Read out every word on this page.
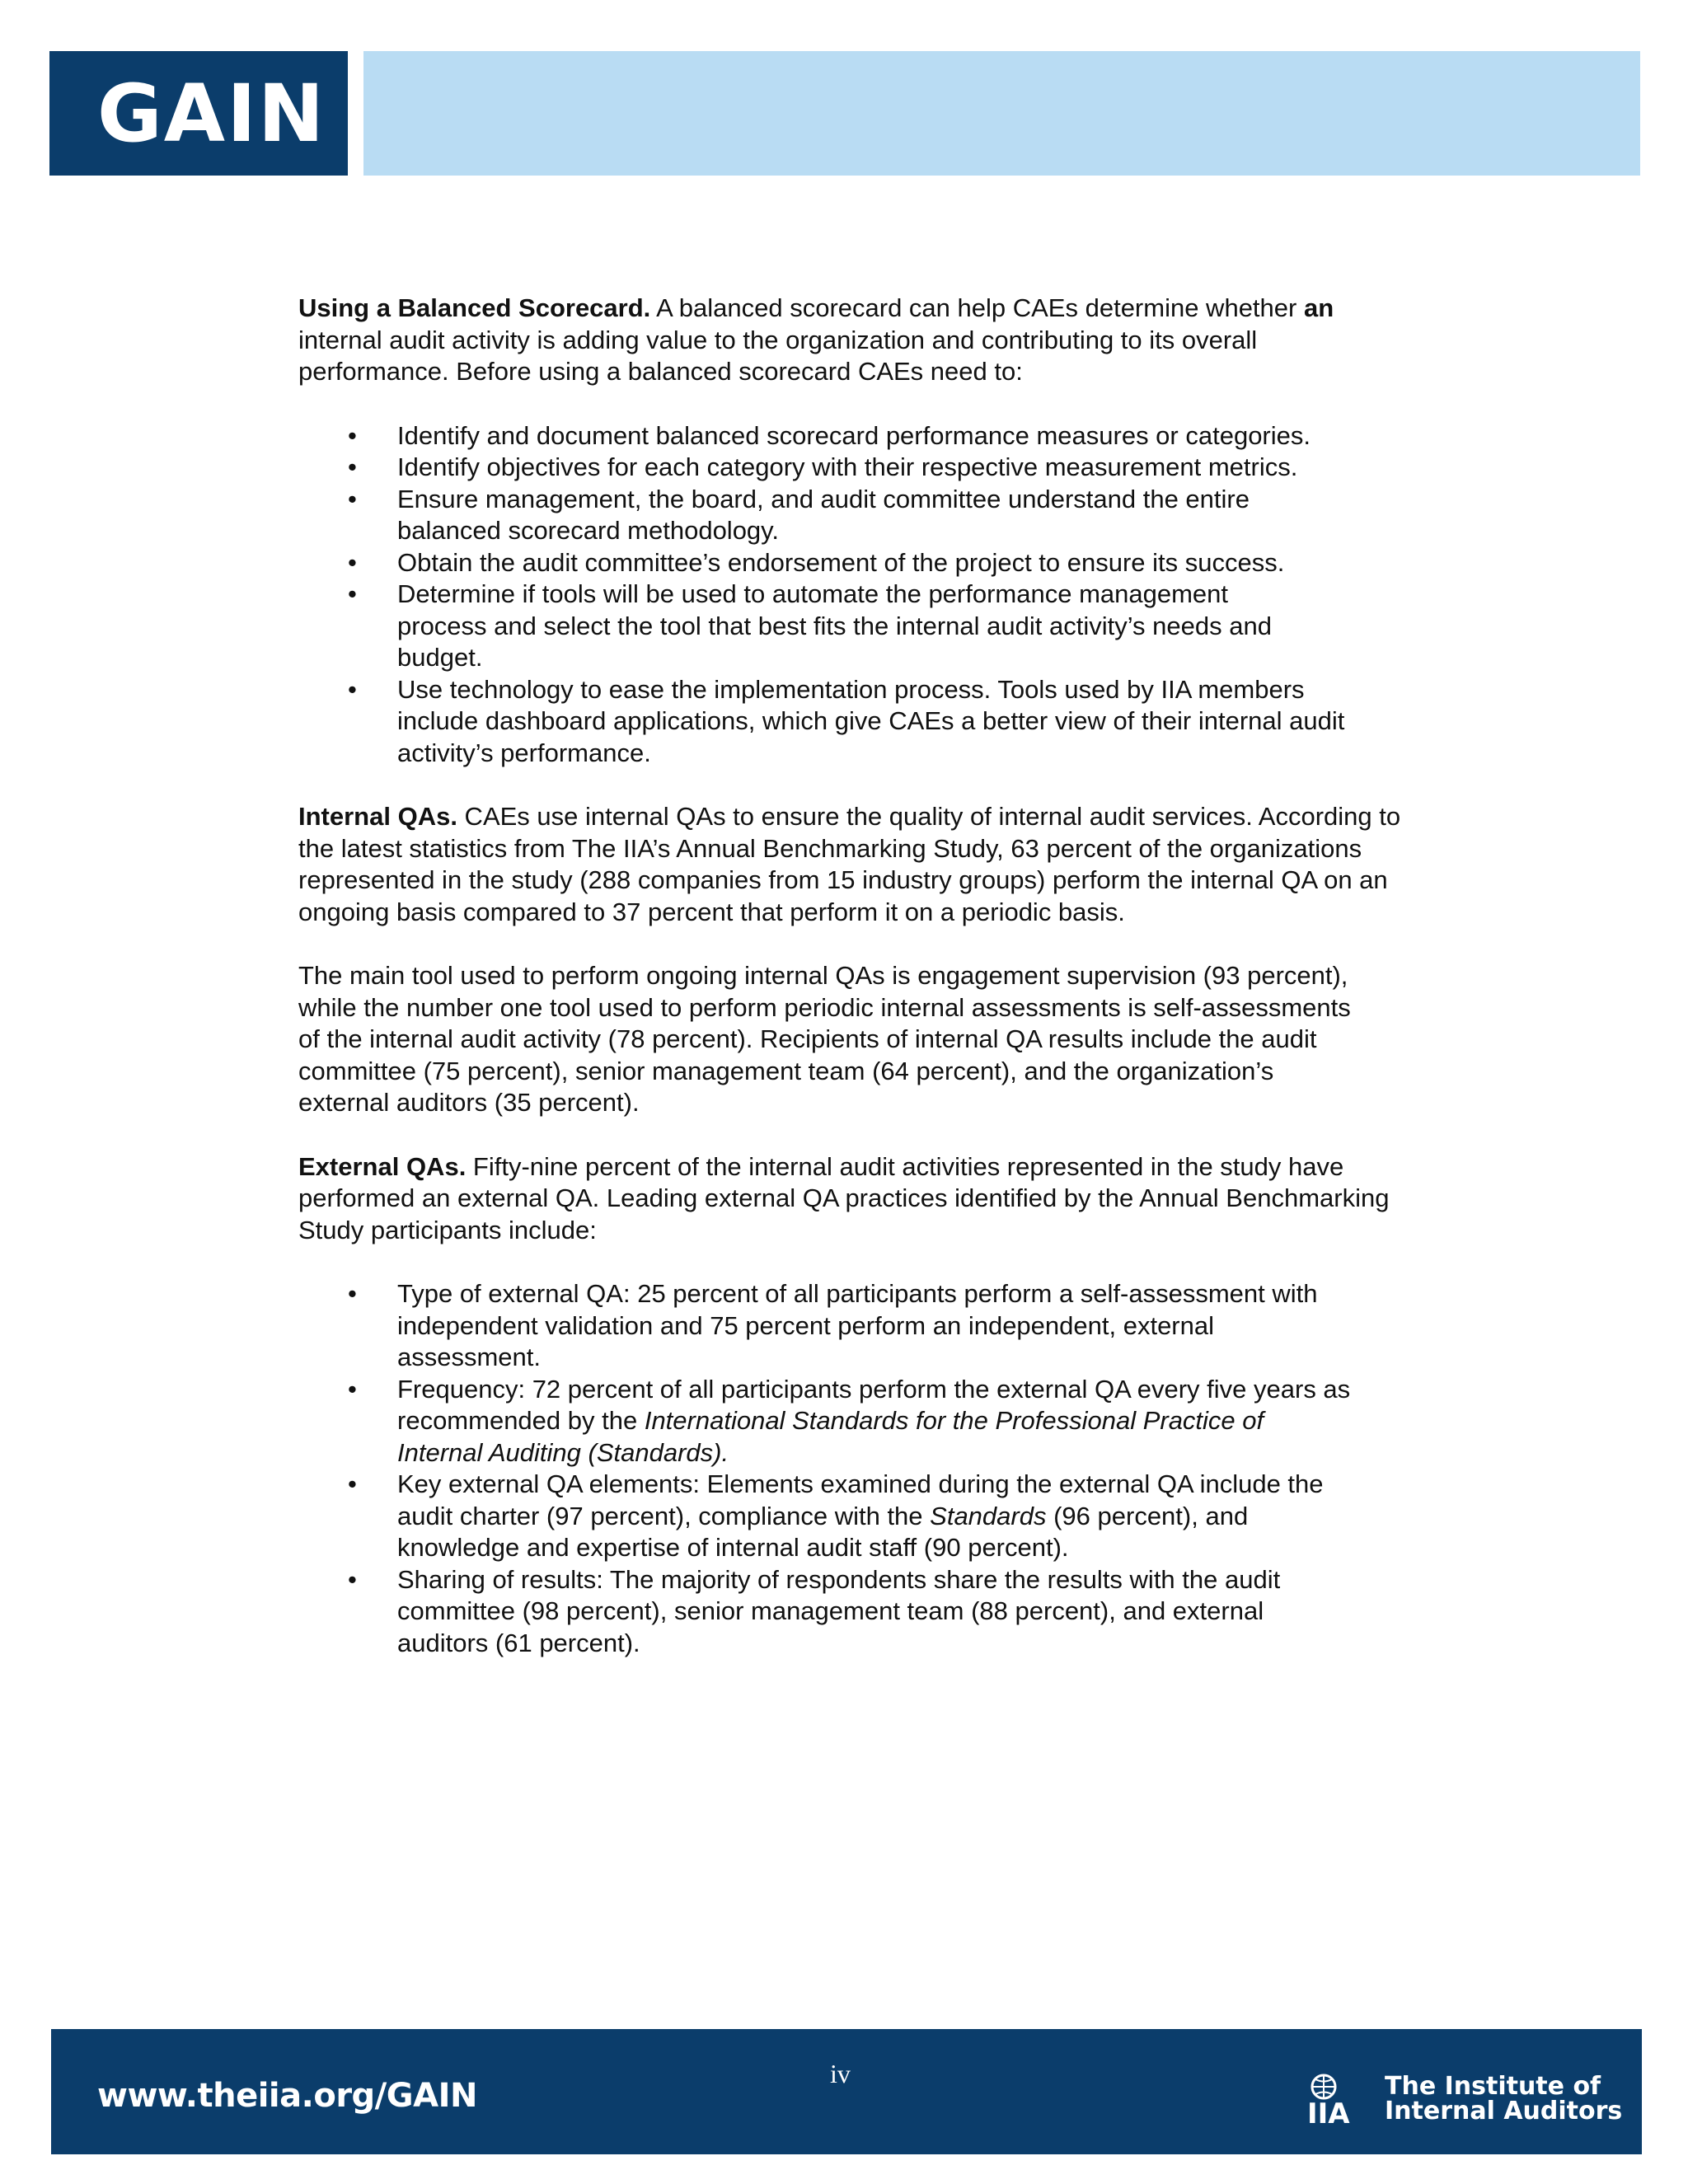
GAIN

Using a Balanced Scorecard. A balanced scorecard can help CAEs determine whether an internal audit activity is adding value to the organization and contributing to its overall performance. Before using a balanced scorecard CAEs need to:

• Identify and document balanced scorecard performance measures or categories.
• Identify objectives for each category with their respective measurement metrics.
• Ensure management, the board, and audit committee understand the entire balanced scorecard methodology.
• Obtain the audit committee’s endorsement of the project to ensure its success.
• Determine if tools will be used to automate the performance management process and select the tool that best fits the internal audit activity’s needs and budget.
• Use technology to ease the implementation process. Tools used by IIA members include dashboard applications, which give CAEs a better view of their internal audit activity’s performance.

Internal QAs. CAEs use internal QAs to ensure the quality of internal audit services. According to the latest statistics from The IIA’s Annual Benchmarking Study, 63 percent of the organizations represented in the study (288 companies from 15 industry groups) perform the internal QA on an ongoing basis compared to 37 percent that perform it on a periodic basis.

The main tool used to perform ongoing internal QAs is engagement supervision (93 percent), while the number one tool used to perform periodic internal assessments is self-assessments of the internal audit activity (78 percent). Recipients of internal QA results include the audit committee (75 percent), senior management team (64 percent), and the organization’s external auditors (35 percent).

External QAs. Fifty-nine percent of the internal audit activities represented in the study have performed an external QA. Leading external QA practices identified by the Annual Benchmarking Study participants include:

• Type of external QA: 25 percent of all participants perform a self-assessment with independent validation and 75 percent perform an independent, external assessment.
• Frequency: 72 percent of all participants perform the external QA every five years as recommended by the International Standards for the Professional Practice of Internal Auditing (Standards).
• Key external QA elements: Elements examined during the external QA include the audit charter (97 percent), compliance with the Standards (96 percent), and knowledge and expertise of internal audit staff (90 percent).
• Sharing of results: The majority of respondents share the results with the audit committee (98 percent), senior management team (88 percent), and external auditors (61 percent).
www.theiia.org/GAIN
iv
IIA
The Institute of
Internal Auditors
